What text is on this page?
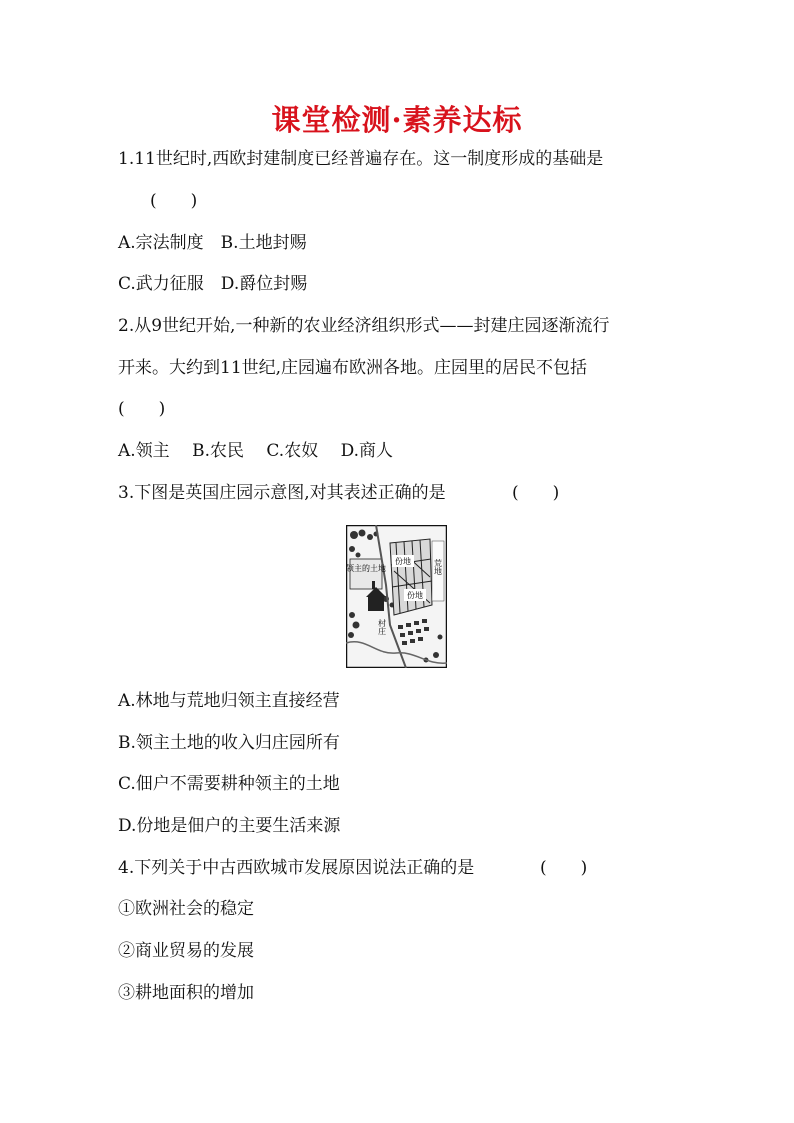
课堂检测·素养达标
1.11世纪时,西欧封建制度已经普遍存在。这一制度形成的基础是
(　　)
A.宗法制度　B.土地封赐
C.武力征服　D.爵位封赐
2.从9世纪开始,一种新的农业经济组织形式——封建庄园逐渐流行
开来。大约到11世纪,庄园遍布欧洲各地。庄园里的居民不包括
(　　)
A.领主　 B.农民　 C.农奴　 D.商人
3.下图是英国庄园示意图,对其表述正确的是	(　　)
领主的土地
份地
份地
荒地
村庄
A.林地与荒地归领主直接经营
B.领主土地的收入归庄园所有
C.佃户不需要耕种领主的土地
D.份地是佃户的主要生活来源
4.下列关于中古西欧城市发展原因说法正确的是	(　　)
①欧洲社会的稳定
②商业贸易的发展
③耕地面积的增加
